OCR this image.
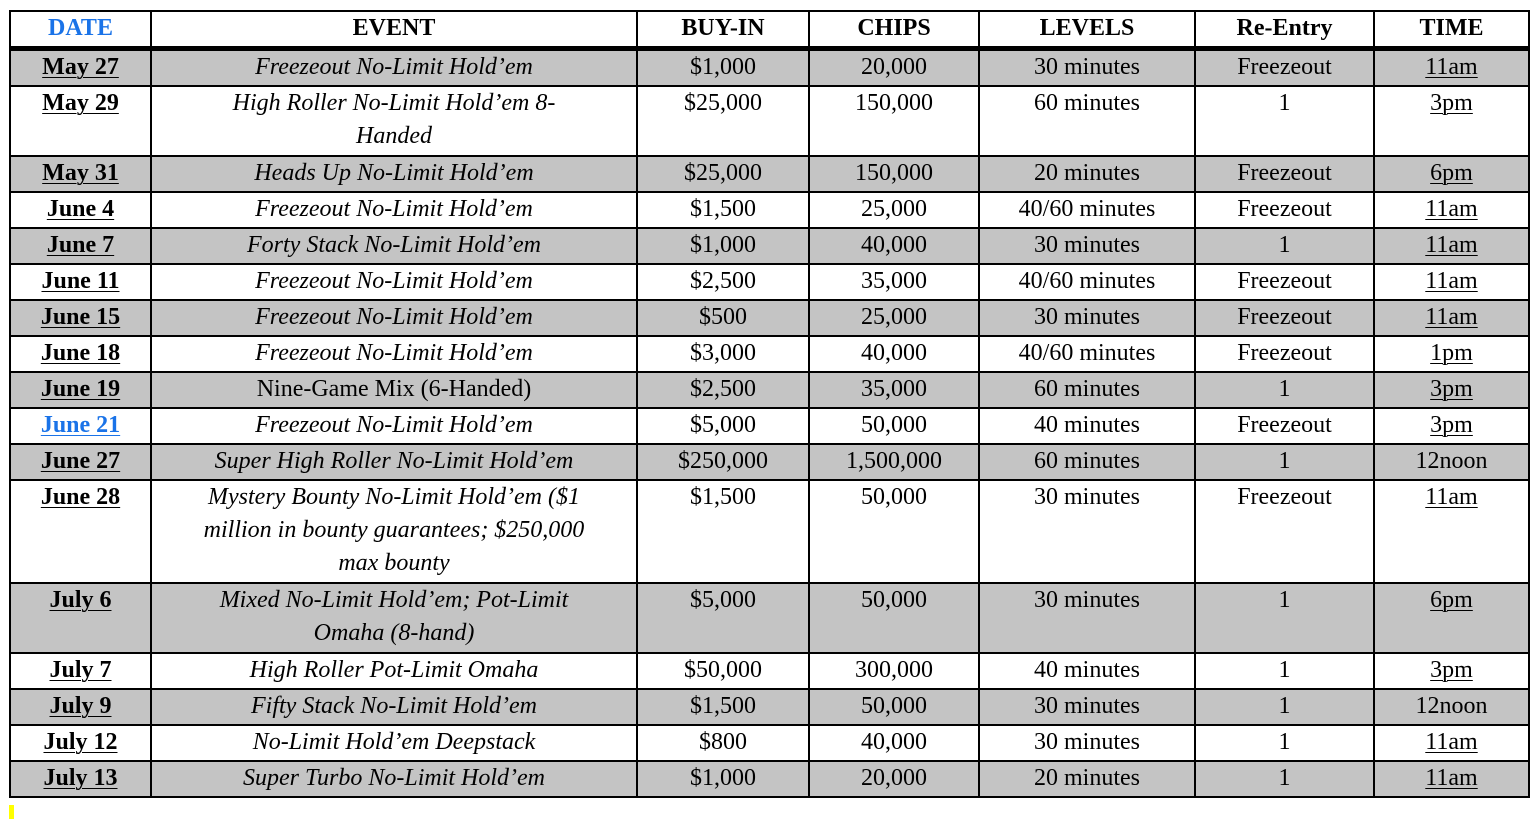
DATE	EVENT	BUY-IN	CHIPS	LEVELS	Re-Entry	TIME
May 27	Freezeout No-Limit Hold’em	$1,000	20,000	30 minutes	Freezeout	11am
May 29	High Roller No-Limit Hold’em 8-Handed	$25,000	150,000	60 minutes	1	3pm
May 31	Heads Up No-Limit Hold’em	$25,000	150,000	20 minutes	Freezeout	6pm
June 4	Freezeout No-Limit Hold’em	$1,500	25,000	40/60 minutes	Freezeout	11am
June 7	Forty Stack No-Limit Hold’em	$1,000	40,000	30 minutes	1	11am
June 11	Freezeout No-Limit Hold’em	$2,500	35,000	40/60 minutes	Freezeout	11am
June 15	Freezeout No-Limit Hold’em	$500	25,000	30 minutes	Freezeout	11am
June 18	Freezeout No-Limit Hold’em	$3,000	40,000	40/60 minutes	Freezeout	1pm
June 19	Nine-Game Mix (6-Handed)	$2,500	35,000	60 minutes	1	3pm
June 21	Freezeout No-Limit Hold’em	$5,000	50,000	40 minutes	Freezeout	3pm
June 27	Super High Roller No-Limit Hold’em	$250,000	1,500,000	60 minutes	1	12noon
June 28	Mystery Bounty No-Limit Hold’em ($1 million in bounty guarantees; $250,000 max bounty	$1,500	50,000	30 minutes	Freezeout	11am
July 6	Mixed No-Limit Hold’em; Pot-Limit Omaha (8-hand)	$5,000	50,000	30 minutes	1	6pm
July 7	High Roller Pot-Limit Omaha	$50,000	300,000	40 minutes	1	3pm
July 9	Fifty Stack No-Limit Hold’em	$1,500	50,000	30 minutes	1	12noon
July 12	No-Limit Hold’em Deepstack	$800	40,000	30 minutes	1	11am
July 13	Super Turbo No-Limit Hold’em	$1,000	20,000	20 minutes	1	11am
